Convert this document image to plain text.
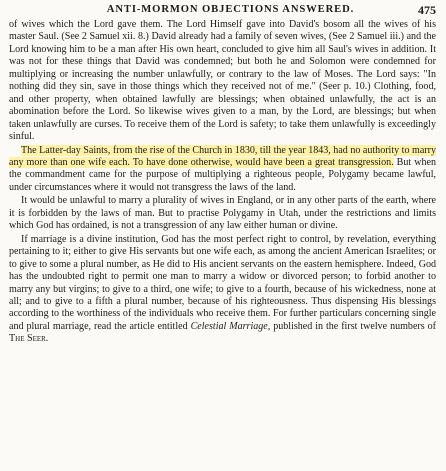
ANTI-MORMON OBJECTIONS ANSWERED.	475

of wives which the Lord gave them. The Lord Himself gave into David's bosom all the wives of his master Saul. (See 2 Samuel xii. 8.) David already had a family of seven wives, (See 2 Samuel iii.) and the Lord knowing him to be a man after His own heart, concluded to give him all Saul's wives in addition. It was not for these things that David was condemned; but both he and Solomon were condemned for multiplying or increasing the number unlawfully, or contrary to the law of Moses. The Lord says: "In nothing did they sin, save in those things which they received not of me." (Seer p. 10.) Clothing, food, and other property, when obtained lawfully are blessings; when obtained unlawfully, the act is an abomination before the Lord. So likewise wives given to a man, by the Lord, are blessings; but when taken unlawfully are curses. To receive them of the Lord is safety; to take them unlawfully is exceedingly sinful.

The Latter-day Saints, from the rise of the Church in 1830, till the year 1843, had no authority to marry any more than one wife each. To have done otherwise, would have been a great transgression. But when the commandment came for the purpose of multiplying a righteous people, Polygamy became lawful, under circumstances where it would not transgress the laws of the land.

It would be unlawful to marry a plurality of wives in England, or in any other parts of the earth, where it is forbidden by the laws of man. But to practise Polygamy in Utah, under the restrictions and limits which God has ordained, is not a transgression of any law either human or divine.

If marriage is a divine institution, God has the most perfect right to control, by revelation, everything pertaining to it; either to give His servants but one wife each, as among the ancient American Israelites; or to give to some a plural number, as He did to His ancient servants on the eastern hemisphere. Indeed, God has the undoubted right to permit one man to marry a widow or divorced person; to forbid another to marry any but virgins; to give to a third, one wife; to give to a fourth, because of his wickedness, none at all; and to give to a fifth a plural number, because of his righteousness. Thus dispensing His blessings according to the worthiness of the individuals who receive them. For further particulars concerning single and plural marriage, read the article entitled Celestial Marriage, published in the first twelve numbers of The Seer.
